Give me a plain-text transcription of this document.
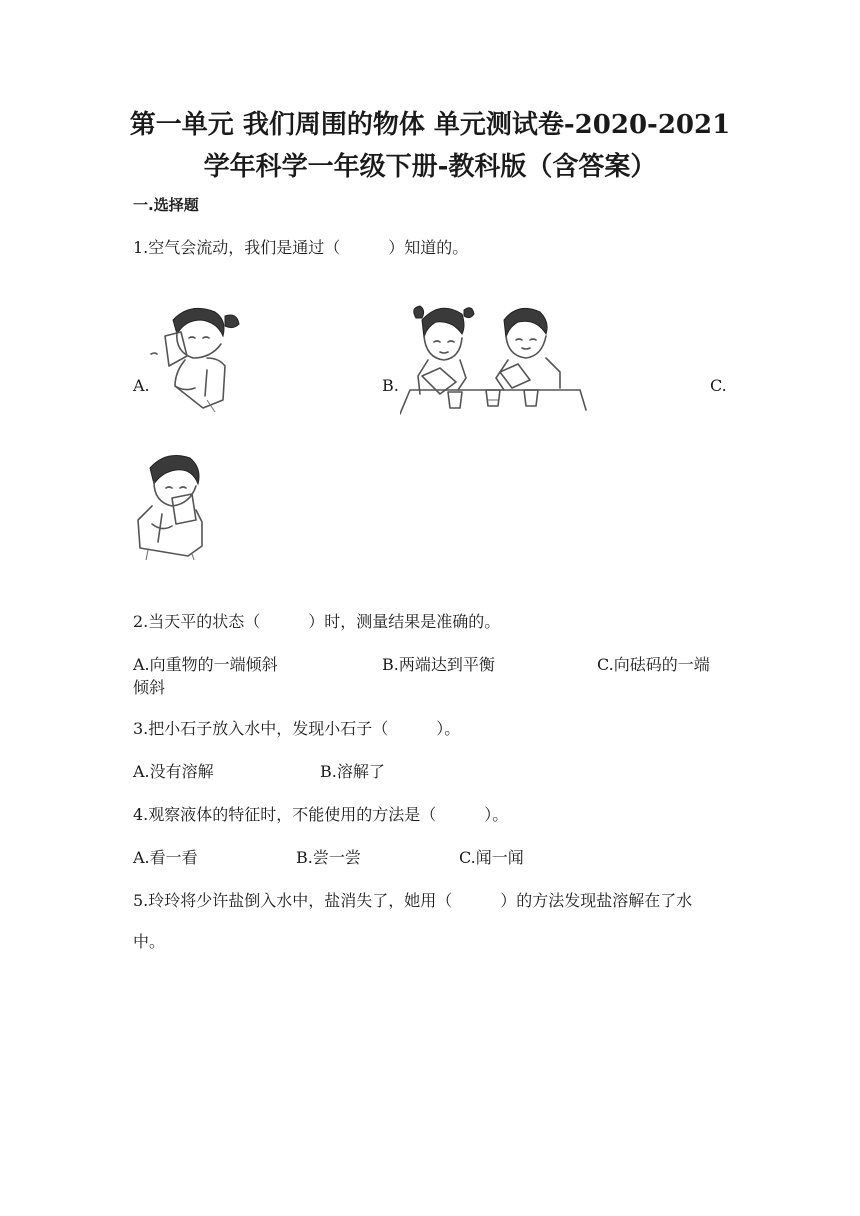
第一单元 我们周围的物体 单元测试卷-2020-2021
学年科学一年级下册-教科版（含答案）
一.选择题
1.空气会流动，我们是通过（　　　）知道的。
A.	B.	C.
2.当天平的状态（　　　）时，测量结果是准确的。
A.向重物的一端倾斜	B.两端达到平衡	C.向砝码的一端
倾斜
3.把小石子放入水中，发现小石子（　　　）。
A.没有溶解	B.溶解了
4.观察液体的特征时，不能使用的方法是（　　　）。
A.看一看	B.尝一尝	C.闻一闻
5.玲玲将少许盐倒入水中，盐消失了，她用（　　　）的方法发现盐溶解在了水
中。
